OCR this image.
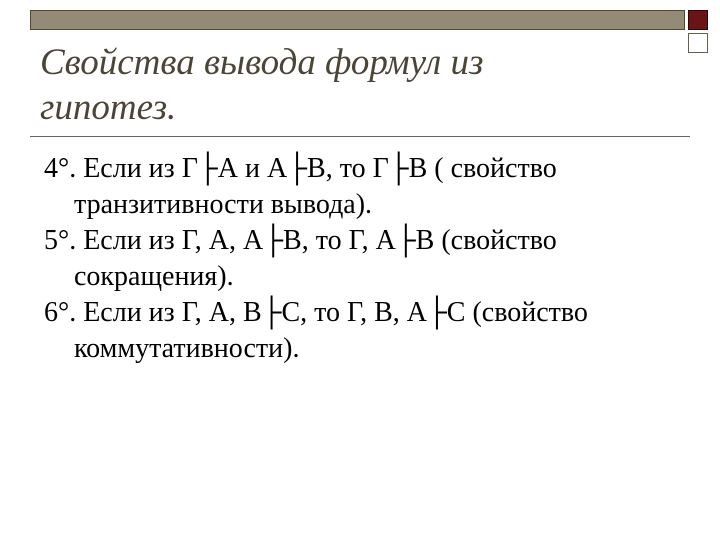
Свойства вывода формул из
гипотез.

4°. Если из Г├А и А├В, то Г├В ( свойство
транзитивности вывода).

5°. Если из Г, А, А├В, то Г, А├В (свойство
сокращения).

6°. Если из Г, А, В├С, то Г, В, А├С (свойство
коммутативности).
